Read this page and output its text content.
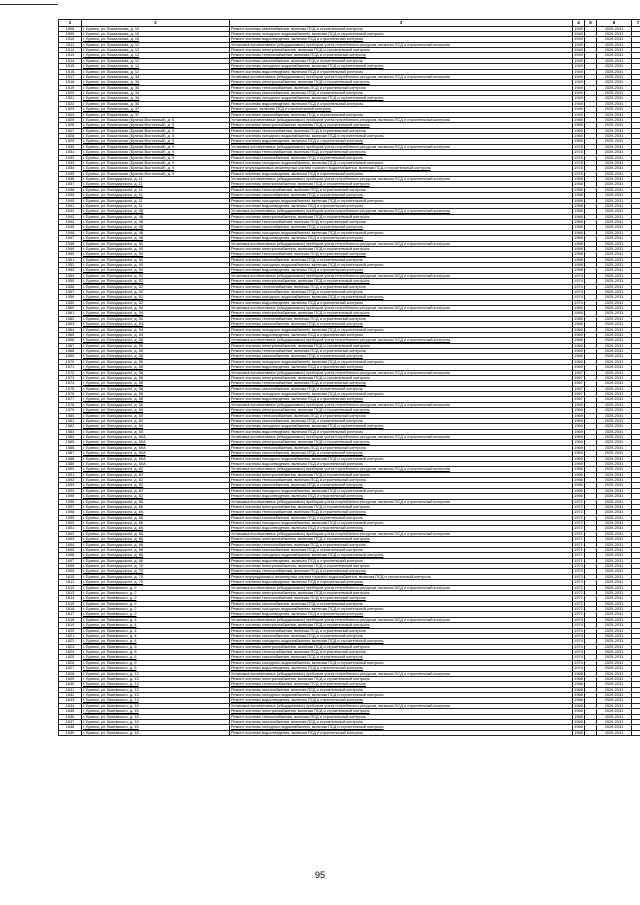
1	2	3	4	5	6	7
1508	г. Брянск, ул. Вокзальная, д. 10	Ремонт системы газоснабжения, включая ПСД и строительный контроль	1949		2029-2031	
1509	г. Брянск, ул. Вокзальная, д. 10	Ремонт системы холодного водоснабжения, включая ПСД и строительный контроль	1949		2029-2031	
1510	г. Брянск, ул. Вокзальная, д. 10	Ремонт системы водоотведения, включая ПСД и строительный контроль	1949		2029-2031	
1511	г. Брянск, ул. Вокзальная, д. 12	Установка коллективных (общедомовых) приборов учета потребления ресурсов, включая ПСД и строительный контроль	1949		2029-2031	
1512	г. Брянск, ул. Вокзальная, д. 12	Ремонт системы электроснабжения, включая ПСД и строительный контроль	1949		2029-2031	
1513	г. Брянск, ул. Вокзальная, д. 12	Ремонт системы теплоснабжения, включая ПСД и строительный контроль	1949		2029-2031	
1514	г. Брянск, ул. Вокзальная, д. 12	Ремонт системы газоснабжения, включая ПСД и строительный контроль	1949		2029-2031	
1515	г. Брянск, ул. Вокзальная, д. 12	Ремонт системы холодного водоснабжения, включая ПСД и строительный контроль	1949		2029-2031	
1516	г. Брянск, ул. Вокзальная, д. 12	Ремонт системы водоотведения, включая ПСД и строительный контроль	1949		2029-2031	
1517	г. Брянск, ул. Вокзальная, д. 34	Установка коллективных (общедомовых) приборов учета потребления ресурсов, включая ПСД и строительный контроль	1949		2029-2031	
1518	г. Брянск, ул. Вокзальная, д. 34	Ремонт системы электроснабжения, включая ПСД и строительный контроль	1949		2029-2031	
1519	г. Брянск, ул. Вокзальная, д. 34	Ремонт системы теплоснабжения, включая ПСД и строительный контроль	1949		2029-2031	
1520	г. Брянск, ул. Вокзальная, д. 34	Ремонт системы газоснабжения, включая ПСД и строительный контроль	1949		2029-2031	
1521	г. Брянск, ул. Вокзальная, д. 34	Ремонт системы холодного водоснабжения, включая ПСД и строительный контроль	1949		2029-2031	
1522	г. Брянск, ул. Вокзальная, д. 34	Ремонт системы водоотведения, включая ПСД и строительный контроль	1949		2029-2031	
1523	г. Брянск, ул. Вокзальная, д. 37	Ремонт крыши, включая ПСД и строительный контроль	1949		2029-2031	
1524	г. Брянск, ул. Вокзальная, д. 37	Ремонт системы газоснабжения, включая ПСД и строительный контроль	1949		2029-2031	
1525	г. Брянск, ул. Вокзальная (Брянск-Восточный), д. 5	Установка коллективных (общедомовых) приборов учета потребления ресурсов, включая ПСД и строительный контроль	1965		2029-2031	
1526	г. Брянск, ул. Вокзальная (Брянск-Восточный), д. 5	Ремонт системы электроснабжения, включая ПСД и строительный контроль	1965		2029-2031	
1527	г. Брянск, ул. Вокзальная (Брянск-Восточный), д. 5	Ремонт системы теплоснабжения, включая ПСД и строительный контроль	1965		2029-2031	
1528	г. Брянск, ул. Вокзальная (Брянск-Восточный), д. 5	Ремонт системы холодного водоснабжения, включая ПСД и строительный контроль	1965		2029-2031	
1529	г. Брянск, ул. Вокзальная (Брянск-Восточный), д. 5	Ремонт системы водоотведения, включая ПСД и строительный контроль	1965		2029-2031	
1530	г. Брянск, ул. Вокзальная (Брянск-Восточный), д. 9	Установка коллективных (общедомовых) приборов учета потребления ресурсов, включая ПСД и строительный контроль	1978		2029-2031	
1531	г. Брянск, ул. Вокзальная (Брянск-Восточный), д. 9	Ремонт системы теплоснабжения, включая ПСД и строительный контроль	1978		2029-2031	
1532	г. Брянск, ул. Вокзальная (Брянск-Восточный), д. 9	Ремонт системы газоснабжения, включая ПСД и строительный контроль	1978		2029-2031	
1533	г. Брянск, ул. Вокзальная (Брянск-Восточный), д. 9	Ремонт системы холодного водоснабжения, включая ПСД и строительный контроль	1978		2029-2031	
1534	г. Брянск, ул. Вокзальная (Брянск-Восточный), д. 9	Ремонт внутридомовых инженерных систем горячего водоснабжения, включая ПСД и строительный контроль	1978		2029-2031	
1535	г. Брянск, ул. Вокзальная (Брянск-Восточный), д. 9	Ремонт системы водоотведения, включая ПСД и строительный контроль	1978		2029-2031	
1536	г. Брянск, ул. Володарского, д. 11	Установка коллективных (общедомовых) приборов учета потребления ресурсов, включая ПСД и строительный контроль	1958		2029-2031	
1537	г. Брянск, ул. Володарского, д. 11	Ремонт системы электроснабжения, включая ПСД и строительный контроль	1958		2029-2031	
1538	г. Брянск, ул. Володарского, д. 11	Ремонт системы теплоснабжения, включая ПСД и строительный контроль	1958		2029-2031	
1539	г. Брянск, ул. Володарского, д. 11	Ремонт системы газоснабжения, включая ПСД и строительный контроль	1958		2029-2031	
1540	г. Брянск, ул. Володарского, д. 11	Ремонт системы холодного водоснабжения, включая ПСД и строительный контроль	1958		2029-2031	
1541	г. Брянск, ул. Володарского, д. 11	Ремонт системы водоотведения, включая ПСД и строительный контроль	1958		2029-2031	
1542	г. Брянск, ул. Володарского, д. 48	Установка коллективных (общедомовых) приборов учета потребления ресурсов, включая ПСД и строительный контроль	1966		2029-2031	
1543	г. Брянск, ул. Володарского, д. 48	Ремонт системы электроснабжения, включая ПСД и строительный контроль	1966		2029-2031	
1544	г. Брянск, ул. Володарского, д. 48	Ремонт системы теплоснабжения, включая ПСД и строительный контроль	1966		2029-2031	
1545	г. Брянск, ул. Володарского, д. 48	Ремонт системы газоснабжения, включая ПСД и строительный контроль	1966		2029-2031	
1546	г. Брянск, ул. Володарского, д. 48	Ремонт системы холодного водоснабжения, включая ПСД и строительный контроль	1966		2029-2031	
1547	г. Брянск, ул. Володарского, д. 48	Ремонт системы водоотведения, включая ПСД и строительный контроль	1966		2029-2031	
1548	г. Брянск, ул. Володарского, д. 50	Установка коллективных (общедомовых) приборов учета потребления ресурсов, включая ПСД и строительный контроль	1958		2029-2031	
1549	г. Брянск, ул. Володарского, д. 50	Ремонт системы электроснабжения, включая ПСД и строительный контроль	1958		2029-2031	
1550	г. Брянск, ул. Володарского, д. 50	Ремонт системы теплоснабжения, включая ПСД и строительный контроль	1958		2029-2031	
1551	г. Брянск, ул. Володарского, д. 50	Ремонт системы газоснабжения, включая ПСД и строительный контроль	1958		2029-2031	
1552	г. Брянск, ул. Володарского, д. 50	Ремонт системы холодного водоснабжения, включая ПСД и строительный контроль	1958		2029-2031	
1553	г. Брянск, ул. Володарского, д. 50	Ремонт системы водоотведения, включая ПСД и строительный контроль	1958		2029-2031	
1554	г. Брянск, ул. Володарского, д. 52	Установка коллективных (общедомовых) приборов учета потребления ресурсов, включая ПСД и строительный контроль	1974		2029-2031	
1555	г. Брянск, ул. Володарского, д. 52	Ремонт системы электроснабжения, включая ПСД и строительный контроль	1974		2029-2031	
1556	г. Брянск, ул. Володарского, д. 52	Ремонт системы теплоснабжения, включая ПСД и строительный контроль	1974		2029-2031	
1557	г. Брянск, ул. Володарского, д. 52	Ремонт системы газоснабжения, включая ПСД и строительный контроль	1974		2029-2031	
1558	г. Брянск, ул. Володарского, д. 52	Ремонт системы холодного водоснабжения, включая ПСД и строительный контроль	1974		2029-2031	
1559	г. Брянск, ул. Володарского, д. 52	Ремонт системы водоотведения, включая ПСД и строительный контроль	1974		2029-2031	
1560	г. Брянск, ул. Володарского, д. 54	Установка коллективных (общедомовых) приборов учета потребления ресурсов, включая ПСД и строительный контроль	1965		2029-2031	
1561	г. Брянск, ул. Володарского, д. 54	Ремонт системы электроснабжения, включая ПСД и строительный контроль	1965		2029-2031	
1562	г. Брянск, ул. Володарского, д. 54	Ремонт системы теплоснабжения, включая ПСД и строительный контроль	1965		2029-2031	
1563	г. Брянск, ул. Володарского, д. 54	Ремонт системы газоснабжения, включая ПСД и строительный контроль	1965		2029-2031	
1564	г. Брянск, ул. Володарского, д. 54	Ремонт системы холодного водоснабжения, включая ПСД и строительный контроль	1965		2029-2031	
1565	г. Брянск, ул. Володарского, д. 54	Ремонт системы водоотведения, включая ПСД и строительный контроль	1965		2029-2031	
1566	г. Брянск, ул. Володарского, д. 56	Установка коллективных (общедомовых) приборов учета потребления ресурсов, включая ПСД и строительный контроль	1965		2029-2031	
1567	г. Брянск, ул. Володарского, д. 56	Ремонт системы электроснабжения, включая ПСД и строительный контроль	1965		2029-2031	
1568	г. Брянск, ул. Володарского, д. 56	Ремонт системы теплоснабжения, включая ПСД и строительный контроль	1965		2029-2031	
1569	г. Брянск, ул. Володарского, д. 56	Ремонт системы газоснабжения, включая ПСД и строительный контроль	1965		2029-2031	
1570	г. Брянск, ул. Володарского, д. 56	Ремонт системы холодного водоснабжения, включая ПСД и строительный контроль	1965		2029-2031	
1571	г. Брянск, ул. Володарского, д. 56	Ремонт системы водоотведения, включая ПСД и строительный контроль	1965		2029-2031	
1572	г. Брянск, ул. Володарского, д. 58	Установка коллективных (общедомовых) приборов учета потребления ресурсов, включая ПСД и строительный контроль	1967		2029-2031	
1573	г. Брянск, ул. Володарского, д. 58	Ремонт системы электроснабжения, включая ПСД и строительный контроль	1967		2029-2031	
1574	г. Брянск, ул. Володарского, д. 58	Ремонт системы теплоснабжения, включая ПСД и строительный контроль	1967		2029-2031	
1575	г. Брянск, ул. Володарского, д. 58	Ремонт системы газоснабжения, включая ПСД и строительный контроль	1967		2029-2031	
1576	г. Брянск, ул. Володарского, д. 58	Ремонт системы холодного водоснабжения, включая ПСД и строительный контроль	1967		2029-2031	
1577	г. Брянск, ул. Володарского, д. 58	Ремонт системы водоотведения, включая ПСД и строительный контроль	1967		2029-2031	
1578	г. Брянск, ул. Володарского, д. 60	Установка коллективных (общедомовых) приборов учета потребления ресурсов, включая ПСД и строительный контроль	1969		2029-2031	
1579	г. Брянск, ул. Володарского, д. 60	Ремонт системы электроснабжения, включая ПСД и строительный контроль	1969		2029-2031	
1580	г. Брянск, ул. Володарского, д. 60	Ремонт системы теплоснабжения, включая ПСД и строительный контроль	1969		2029-2031	
1581	г. Брянск, ул. Володарского, д. 60	Ремонт системы газоснабжения, включая ПСД и строительный контроль	1969		2029-2031	
1582	г. Брянск, ул. Володарского, д. 60	Ремонт системы холодного водоснабжения, включая ПСД и строительный контроль	1969		2029-2031	
1583	г. Брянск, ул. Володарского, д. 60	Ремонт системы водоотведения, включая ПСД и строительный контроль	1969		2029-2031	
1584	г. Брянск, ул. Володарского, д. 60А	Установка коллективных (общедомовых) приборов учета потребления ресурсов, включая ПСД и строительный контроль	1969		2029-2031	
1585	г. Брянск, ул. Володарского, д. 60А	Ремонт системы электроснабжения, включая ПСД и строительный контроль	1969		2029-2031	
1586	г. Брянск, ул. Володарского, д. 60А	Ремонт системы теплоснабжения, включая ПСД и строительный контроль	1969		2029-2031	
1587	г. Брянск, ул. Володарского, д. 60А	Ремонт системы газоснабжения, включая ПСД и строительный контроль	1969		2029-2031	
1588	г. Брянск, ул. Володарского, д. 60А	Ремонт системы холодного водоснабжения, включая ПСД и строительный контроль	1969		2029-2031	
1589	г. Брянск, ул. Володарского, д. 60А	Ремонт системы водоотведения, включая ПСД и строительный контроль	1969		2029-2031	
1590	г. Брянск, ул. Володарского, д. 62	Установка коллективных (общедомовых) приборов учета потребления ресурсов, включая ПСД и строительный контроль	1966		2029-2031	
1591	г. Брянск, ул. Володарского, д. 62	Ремонт системы электроснабжения, включая ПСД и строительный контроль	1966		2029-2031	
1592	г. Брянск, ул. Володарского, д. 62	Ремонт системы теплоснабжения, включая ПСД и строительный контроль	1966		2029-2031	
1593	г. Брянск, ул. Володарского, д. 62	Ремонт системы газоснабжения, включая ПСД и строительный контроль	1966		2029-2031	
1594	г. Брянск, ул. Володарского, д. 62	Ремонт системы холодного водоснабжения, включая ПСД и строительный контроль	1966		2029-2031	
1595	г. Брянск, ул. Володарского, д. 62	Ремонт системы водоотведения, включая ПСД и строительный контроль	1966		2029-2031	
1596	г. Брянск, ул. Володарского, д. 66	Установка коллективных (общедомовых) приборов учета потребления ресурсов, включая ПСД и строительный контроль	1972		2029-2031	
1597	г. Брянск, ул. Володарского, д. 66	Ремонт системы электроснабжения, включая ПСД и строительный контроль	1972		2029-2031	
1598	г. Брянск, ул. Володарского, д. 66	Ремонт системы теплоснабжения, включая ПСД и строительный контроль	1972		2029-2031	
1599	г. Брянск, ул. Володарского, д. 66	Ремонт системы газоснабжения, включая ПСД и строительный контроль	1972		2029-2031	
1600	г. Брянск, ул. Володарского, д. 66	Ремонт системы холодного водоснабжения, включая ПСД и строительный контроль	1972		2029-2031	
1601	г. Брянск, ул. Володарского, д. 66	Ремонт системы водоотведения, включая ПСД и строительный контроль	1972		2029-2031	
1602	г. Брянск, ул. Володарского, д. 68	Установка коллективных (общедомовых) приборов учета потребления ресурсов, включая ПСД и строительный контроль	1971		2029-2031	
1603	г. Брянск, ул. Володарского, д. 68	Ремонт системы электроснабжения, включая ПСД и строительный контроль	1971		2029-2031	
1604	г. Брянск, ул. Володарского, д. 68	Ремонт системы теплоснабжения, включая ПСД и строительный контроль	1971		2029-2031	
1605	г. Брянск, ул. Володарского, д. 68	Ремонт системы газоснабжения, включая ПСД и строительный контроль	1971		2029-2031	
1606	г. Брянск, ул. Володарского, д. 68	Ремонт системы холодного водоснабжения, включая ПСД и строительный контроль	1971		2029-2031	
1607	г. Брянск, ул. Володарского, д. 68	Ремонт системы водоотведения, включая ПСД и строительный контроль	1971		2029-2031	
1608	г. Брянск, ул. Володарского, д. 70	Ремонт системы электроснабжения, включая ПСД и строительный контроль	1973		2029-2031	
1609	г. Брянск, ул. Володарского, д. 70	Ремонт системы теплоснабжения, включая ПСД и строительный контроль	1973		2029-2031	
1610	г. Брянск, ул. Володарского, д. 70	Ремонт внутридомовых инженерных систем горячего водоснабжения, включая ПСД и строительный контроль	1973		2029-2031	
1611	г. Брянск, ул. Володарского, д. 70	Ремонт системы водоотведения, включая ПСД и строительный контроль	1973		2029-2031	
1612	г. Брянск, ул. Вяземского, д. 2	Установка коллективных (общедомовых) приборов учета потребления ресурсов, включая ПСД и строительный контроль	1972		2029-2031	
1613	г. Брянск, ул. Вяземского, д. 2	Ремонт системы электроснабжения, включая ПСД и строительный контроль	1972		2029-2031	
1614	г. Брянск, ул. Вяземского, д. 2	Ремонт системы теплоснабжения, включая ПСД и строительный контроль	1972		2029-2031	
1615	г. Брянск, ул. Вяземского, д. 2	Ремонт системы газоснабжения, включая ПСД и строительный контроль	1972		2029-2031	
1616	г. Брянск, ул. Вяземского, д. 2	Ремонт системы холодного водоснабжения, включая ПСД и строительный контроль	1972		2029-2031	
1617	г. Брянск, ул. Вяземского, д. 2	Ремонт системы водоотведения, включая ПСД и строительный контроль	1972		2029-2031	
1618	г. Брянск, ул. Вяземского, д. 4	Установка коллективных (общедомовых) приборов учета потребления ресурсов, включая ПСД и строительный контроль	1974		2029-2031	
1619	г. Брянск, ул. Вяземского, д. 4	Ремонт системы электроснабжения, включая ПСД и строительный контроль	1974		2029-2031	
1620	г. Брянск, ул. Вяземского, д. 4	Ремонт системы теплоснабжения, включая ПСД и строительный контроль	1974		2029-2031	
1621	г. Брянск, ул. Вяземского, д. 4	Ремонт системы газоснабжения, включая ПСД и строительный контроль	1974		2029-2031	
1622	г. Брянск, ул. Вяземского, д. 4	Ремонт системы холодного водоснабжения, включая ПСД и строительный контроль	1974		2029-2031	
1623	г. Брянск, ул. Вяземского, д. 6	Ремонт системы электроснабжения, включая ПСД и строительный контроль	1974		2029-2031	
1624	г. Брянск, ул. Вяземского, д. 6	Ремонт системы теплоснабжения, включая ПСД и строительный контроль	1974		2029-2031	
1625	г. Брянск, ул. Вяземского, д. 6	Ремонт системы газоснабжения, включая ПСД и строительный контроль	1974		2029-2031	
1626	г. Брянск, ул. Вяземского, д. 6	Ремонт системы холодного водоснабжения, включая ПСД и строительный контроль	1974		2029-2031	
1627	г. Брянск, ул. Вяземского, д. 6	Ремонт системы водоотведения, включая ПСД и строительный контроль	1974		2029-2031	
1628	г. Брянск, ул. Вяземского, д. 13	Установка коллективных (общедомовых) приборов учета потребления ресурсов, включая ПСД и строительный контроль	1968		2029-2031	
1629	г. Брянск, ул. Вяземского, д. 13	Ремонт системы электроснабжения, включая ПСД и строительный контроль	1968		2029-2031	
1630	г. Брянск, ул. Вяземского, д. 13	Ремонт системы теплоснабжения, включая ПСД и строительный контроль	1968		2029-2031	
1631	г. Брянск, ул. Вяземского, д. 13	Ремонт системы газоснабжения, включая ПСД и строительный контроль	1968		2029-2031	
1632	г. Брянск, ул. Вяземского, д. 13	Ремонт системы холодного водоснабжения, включая ПСД и строительный контроль	1968		2029-2031	
1633	г. Брянск, ул. Вяземского, д. 13	Ремонт системы водоотведения, включая ПСД и строительный контроль	1968		2029-2031	
1634	г. Брянск, ул. Вяземского, д. 15	Установка коллективных (общедомовых) приборов учета потребления ресурсов, включая ПСД и строительный контроль	1966		2029-2031	
1635	г. Брянск, ул. Вяземского, д. 15	Ремонт системы электроснабжения, включая ПСД и строительный контроль	1966		2029-2031	
1636	г. Брянск, ул. Вяземского, д. 15	Ремонт системы теплоснабжения, включая ПСД и строительный контроль	1966		2029-2031	
1637	г. Брянск, ул. Вяземского, д. 15	Ремонт системы газоснабжения, включая ПСД и строительный контроль	1966		2029-2031	
1638	г. Брянск, ул. Вяземского, д. 15	Ремонт системы холодного водоснабжения, включая ПСД и строительный контроль	1966		2029-2031	
1639	г. Брянск, ул. Вяземского, д. 15	Ремонт системы водоотведения, включая ПСД и строительный контроль	1966		2029-2031	
95
